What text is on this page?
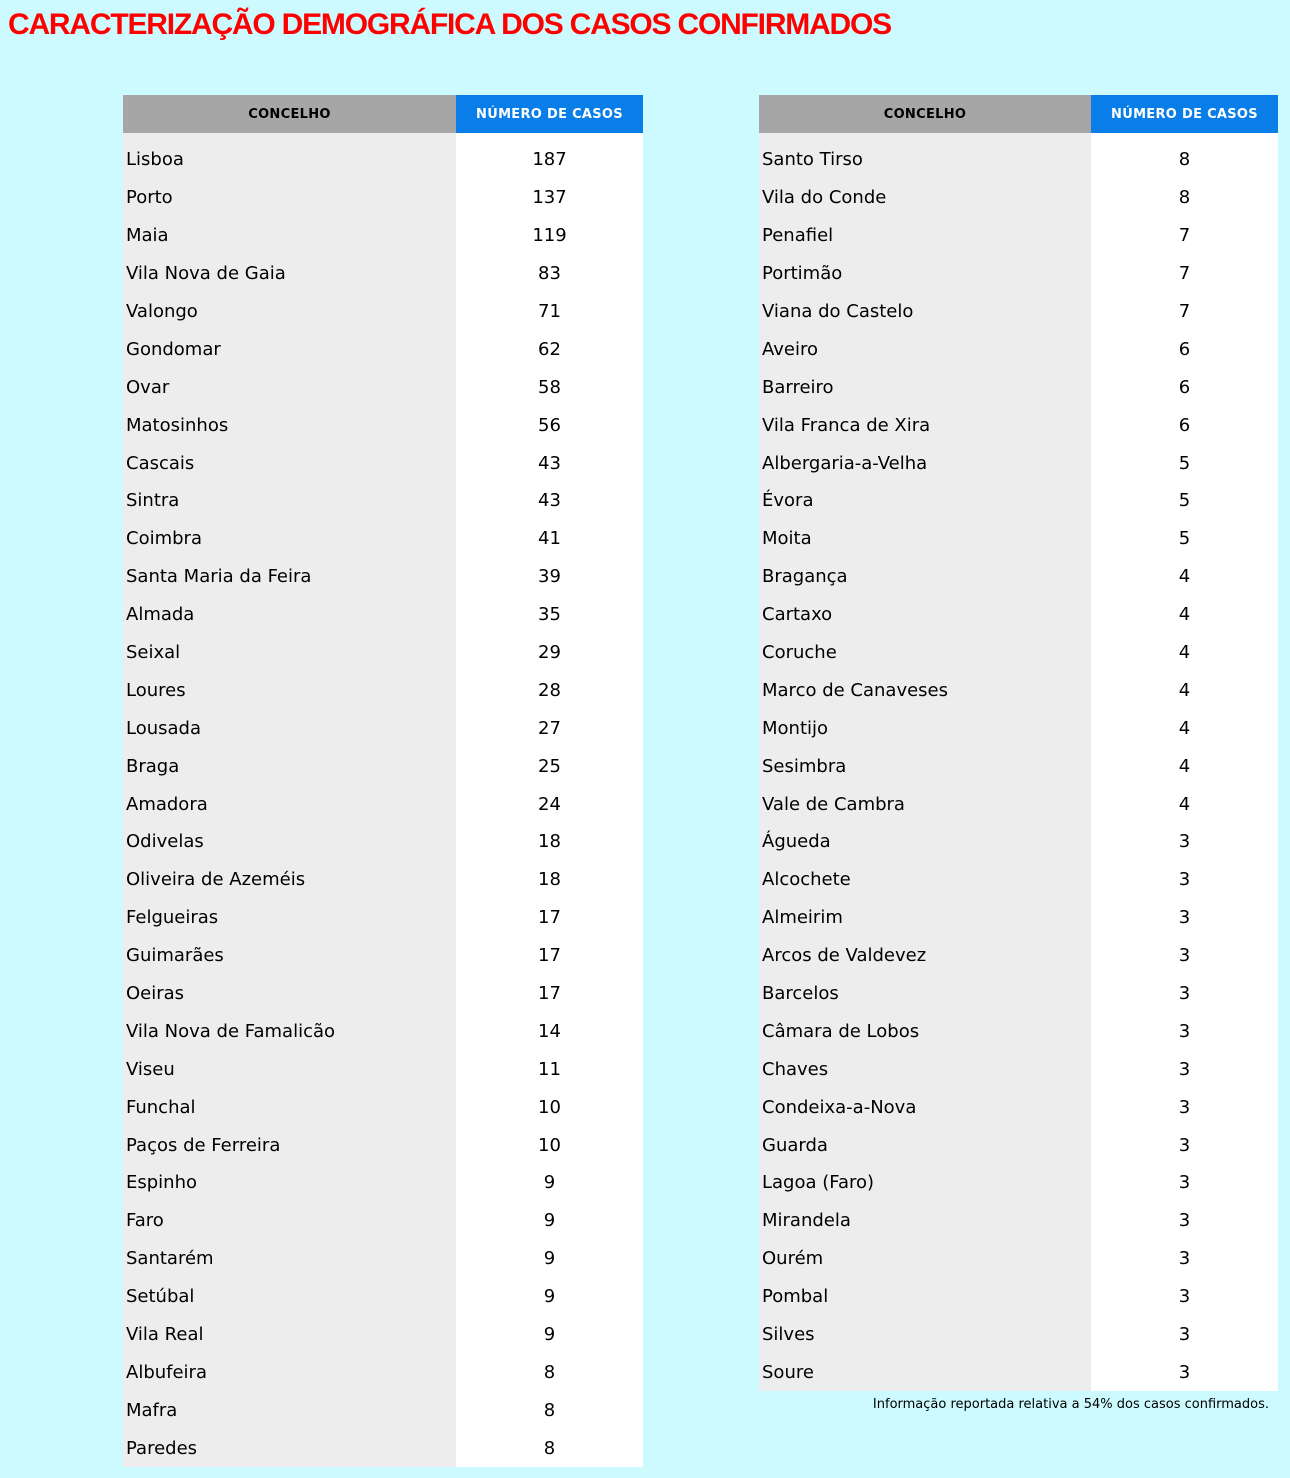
CARACTERIZAÇÃO DEMOGRÁFICA DOS CASOS CONFIRMADOS
CONCELHO	NÚMERO DE CASOS

Lisboa	187
Porto	137
Maia	119
Vila Nova de Gaia	83
Valongo	71
Gondomar	62
Ovar	58
Matosinhos	56
Cascais	43
Sintra	43
Coimbra	41
Santa Maria da Feira	39
Almada	35
Seixal	29
Loures	28
Lousada	27
Braga	25
Amadora	24
Odivelas	18
Oliveira de Azeméis	18
Felgueiras	17
Guimarães	17
Oeiras	17
Vila Nova de Famalicão	14
Viseu	11
Funchal	10
Paços de Ferreira	10
Espinho	9
Faro	9
Santarém	9
Setúbal	9
Vila Real	9
Albufeira	8
Mafra	8
Paredes	8
CONCELHO	NÚMERO DE CASOS

Santo Tirso	8
Vila do Conde	8
Penafiel	7
Portimão	7
Viana do Castelo	7
Aveiro	6
Barreiro	6
Vila Franca de Xira	6
Albergaria-a-Velha	5
Évora	5
Moita	5
Bragança	4
Cartaxo	4
Coruche	4
Marco de Canaveses	4
Montijo	4
Sesimbra	4
Vale de Cambra	4
Águeda	3
Alcochete	3
Almeirim	3
Arcos de Valdevez	3
Barcelos	3
Câmara de Lobos	3
Chaves	3
Condeixa-a-Nova	3
Guarda	3
Lagoa (Faro)	3
Mirandela	3
Ourém	3
Pombal	3
Silves	3
Soure	3
Informação reportada relativa a 54% dos casos confirmados.
